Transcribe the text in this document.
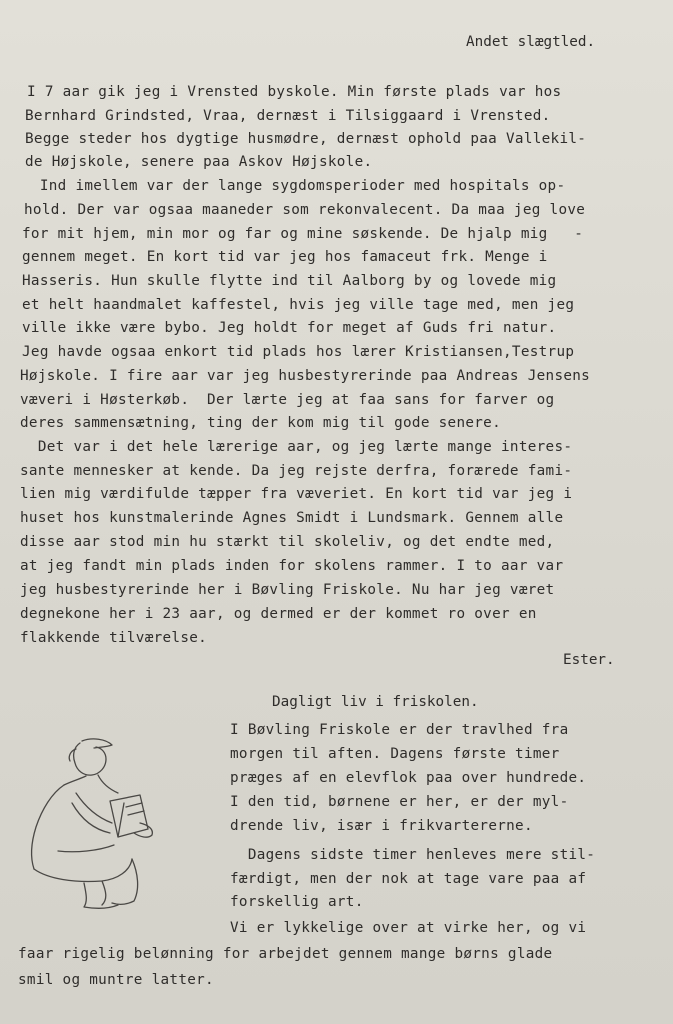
Andet slægtled.
I 7 aar gik jeg i Vrensted byskole. Min første plads var hos
Bernhard Grindsted, Vraa, dernæst i Tilsiggaard i Vrensted.
Begge steder hos dygtige husmødre, dernæst ophold paa Vallekil-
de Højskole, senere paa Askov Højskole.
Ind imellem var der lange sygdomsperioder med hospitals op-
hold. Der var ogsaa maaneder som rekonvalecent. Da maa jeg love
for mit hjem, min mor og far og mine søskende. De hjalp mig   -
gennem meget. En kort tid var jeg hos famaceut frk. Menge i
Hasseris. Hun skulle flytte ind til Aalborg by og lovede mig
et helt haandmalet kaffestel, hvis jeg ville tage med, men jeg
ville ikke være bybo. Jeg holdt for meget af Guds fri natur.
Jeg havde ogsaa enkort tid plads hos lærer Kristiansen,Testrup
Højskole. I fire aar var jeg husbestyrerinde paa Andreas Jensens
væveri i Høsterkøb.  Der lærte jeg at faa sans for farver og
deres sammensætning, ting der kom mig til gode senere.
Det var i det hele lærerige aar, og jeg lærte mange interes-
sante mennesker at kende. Da jeg rejste derfra, forærede fami-
lien mig værdifulde tæpper fra væveriet. En kort tid var jeg i
huset hos kunstmalerinde Agnes Smidt i Lundsmark. Gennem alle
disse aar stod min hu stærkt til skoleliv, og det endte med,
at jeg fandt min plads inden for skolens rammer. I to aar var
jeg husbestyrerinde her i Bøvling Friskole. Nu har jeg været
degnekone her i 23 aar, og dermed er der kommet ro over en
flakkende tilværelse.
Ester.
Dagligt liv i friskolen.
I Bøvling Friskole er der travlhed fra
morgen til aften. Dagens første timer
præges af en elevflok paa over hundrede.
I den tid, børnene er her, er der myl-
drende liv, især i frikvartererne.
Dagens sidste timer henleves mere stil-
færdigt, men der nok at tage vare paa af
forskellig art.
Vi er lykkelige over at virke her, og vi
faar rigelig belønning for arbejdet gennem mange børns glade
smil og muntre latter.
